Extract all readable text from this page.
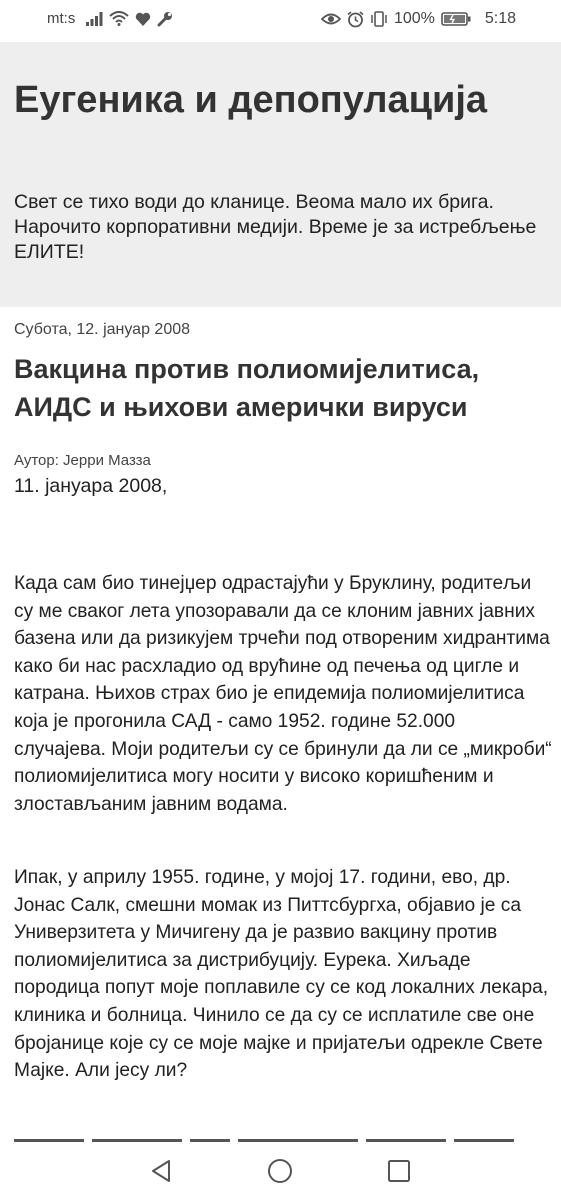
mt:s	100%	5:18
Еугеника и депопулација

Свет се тихо води до кланице. Веома мало их брига. Нарочито корпоративни медији. Време је за истребљење ЕЛИТЕ!

Субота, 12. јануар 2008
Вакцина против полиомијелитиса, АИДС и њихови амерички вируси
Аутор: Јерри Мазза
11. јануара 2008,

Када сам био тинејџер одрастајући у Бруклину, родитељи су ме сваког лета упозоравали да се клоним јавних јавних базена или да ризикујем трчећи под отвореним хидрантима како би нас расхладио од врућине од печења од цигле и катрана. Њихов страх био је епидемија полиомијелитиса која је прогонила САД - само 1952. године 52.000 случајева. Моји родитељи су се бринули да ли се „микроби“ полиомијелитиса могу носити у високо коришћеним и злостављаним јавним водама.

Ипак, у априлу 1955. године, у мојој 17. години, ево, др. Јонас Салк, смешни момак из Питтсбургха, објавио је са Универзитета у Мичигену да је развио вакцину против полиомијелитиса за дистрибуцију. Еурека. Хиљаде породица попут моје поплавиле су се код локалних лекара, клиника и болница. Чинило се да су се исплатиле све оне бројанице које су се моје мајке и пријатељи одрекле Свете Мајке. Али јесу ли?
